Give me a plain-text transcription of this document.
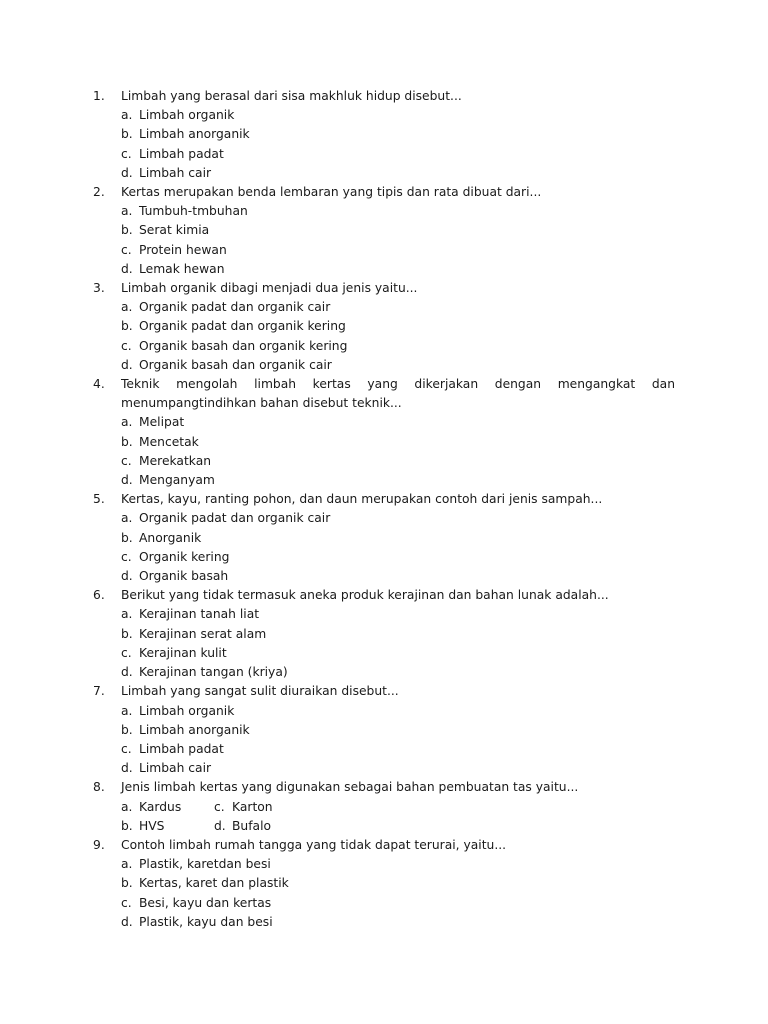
1. Limbah yang berasal dari sisa makhluk hidup disebut...
a. Limbah organik
b. Limbah anorganik
c. Limbah padat
d. Limbah cair
2. Kertas merupakan benda lembaran yang tipis dan rata dibuat dari...
a. Tumbuh-tmbuhan
b. Serat kimia
c. Protein hewan
d. Lemak hewan
3. Limbah organik dibagi menjadi dua jenis yaitu...
a. Organik padat dan organik cair
b. Organik padat dan organik kering
c. Organik basah dan organik kering
d. Organik basah dan organik cair
4. Teknik mengolah limbah kertas yang dikerjakan dengan mengangkat dan menumpangtindihkan bahan disebut teknik...
a. Melipat
b. Mencetak
c. Merekatkan
d. Menganyam
5. Kertas, kayu, ranting pohon, dan daun merupakan contoh dari jenis sampah...
a. Organik padat dan organik cair
b. Anorganik
c. Organik kering
d. Organik basah
6. Berikut yang tidak termasuk aneka produk kerajinan dan bahan lunak adalah...
a. Kerajinan tanah liat
b. Kerajinan serat alam
c. Kerajinan kulit
d. Kerajinan tangan (kriya)
7. Limbah yang sangat sulit diuraikan disebut...
a. Limbah organik
b. Limbah anorganik
c. Limbah padat
d. Limbah cair
8. Jenis limbah kertas yang digunakan sebagai bahan pembuatan tas yaitu...
a. Kardus	c. Karton
b. HVS	d. Bufalo
9. Contoh limbah rumah tangga yang tidak dapat terurai, yaitu...
a. Plastik, karetdan besi
b. Kertas, karet dan plastik
c. Besi, kayu dan kertas
d. Plastik, kayu dan besi
